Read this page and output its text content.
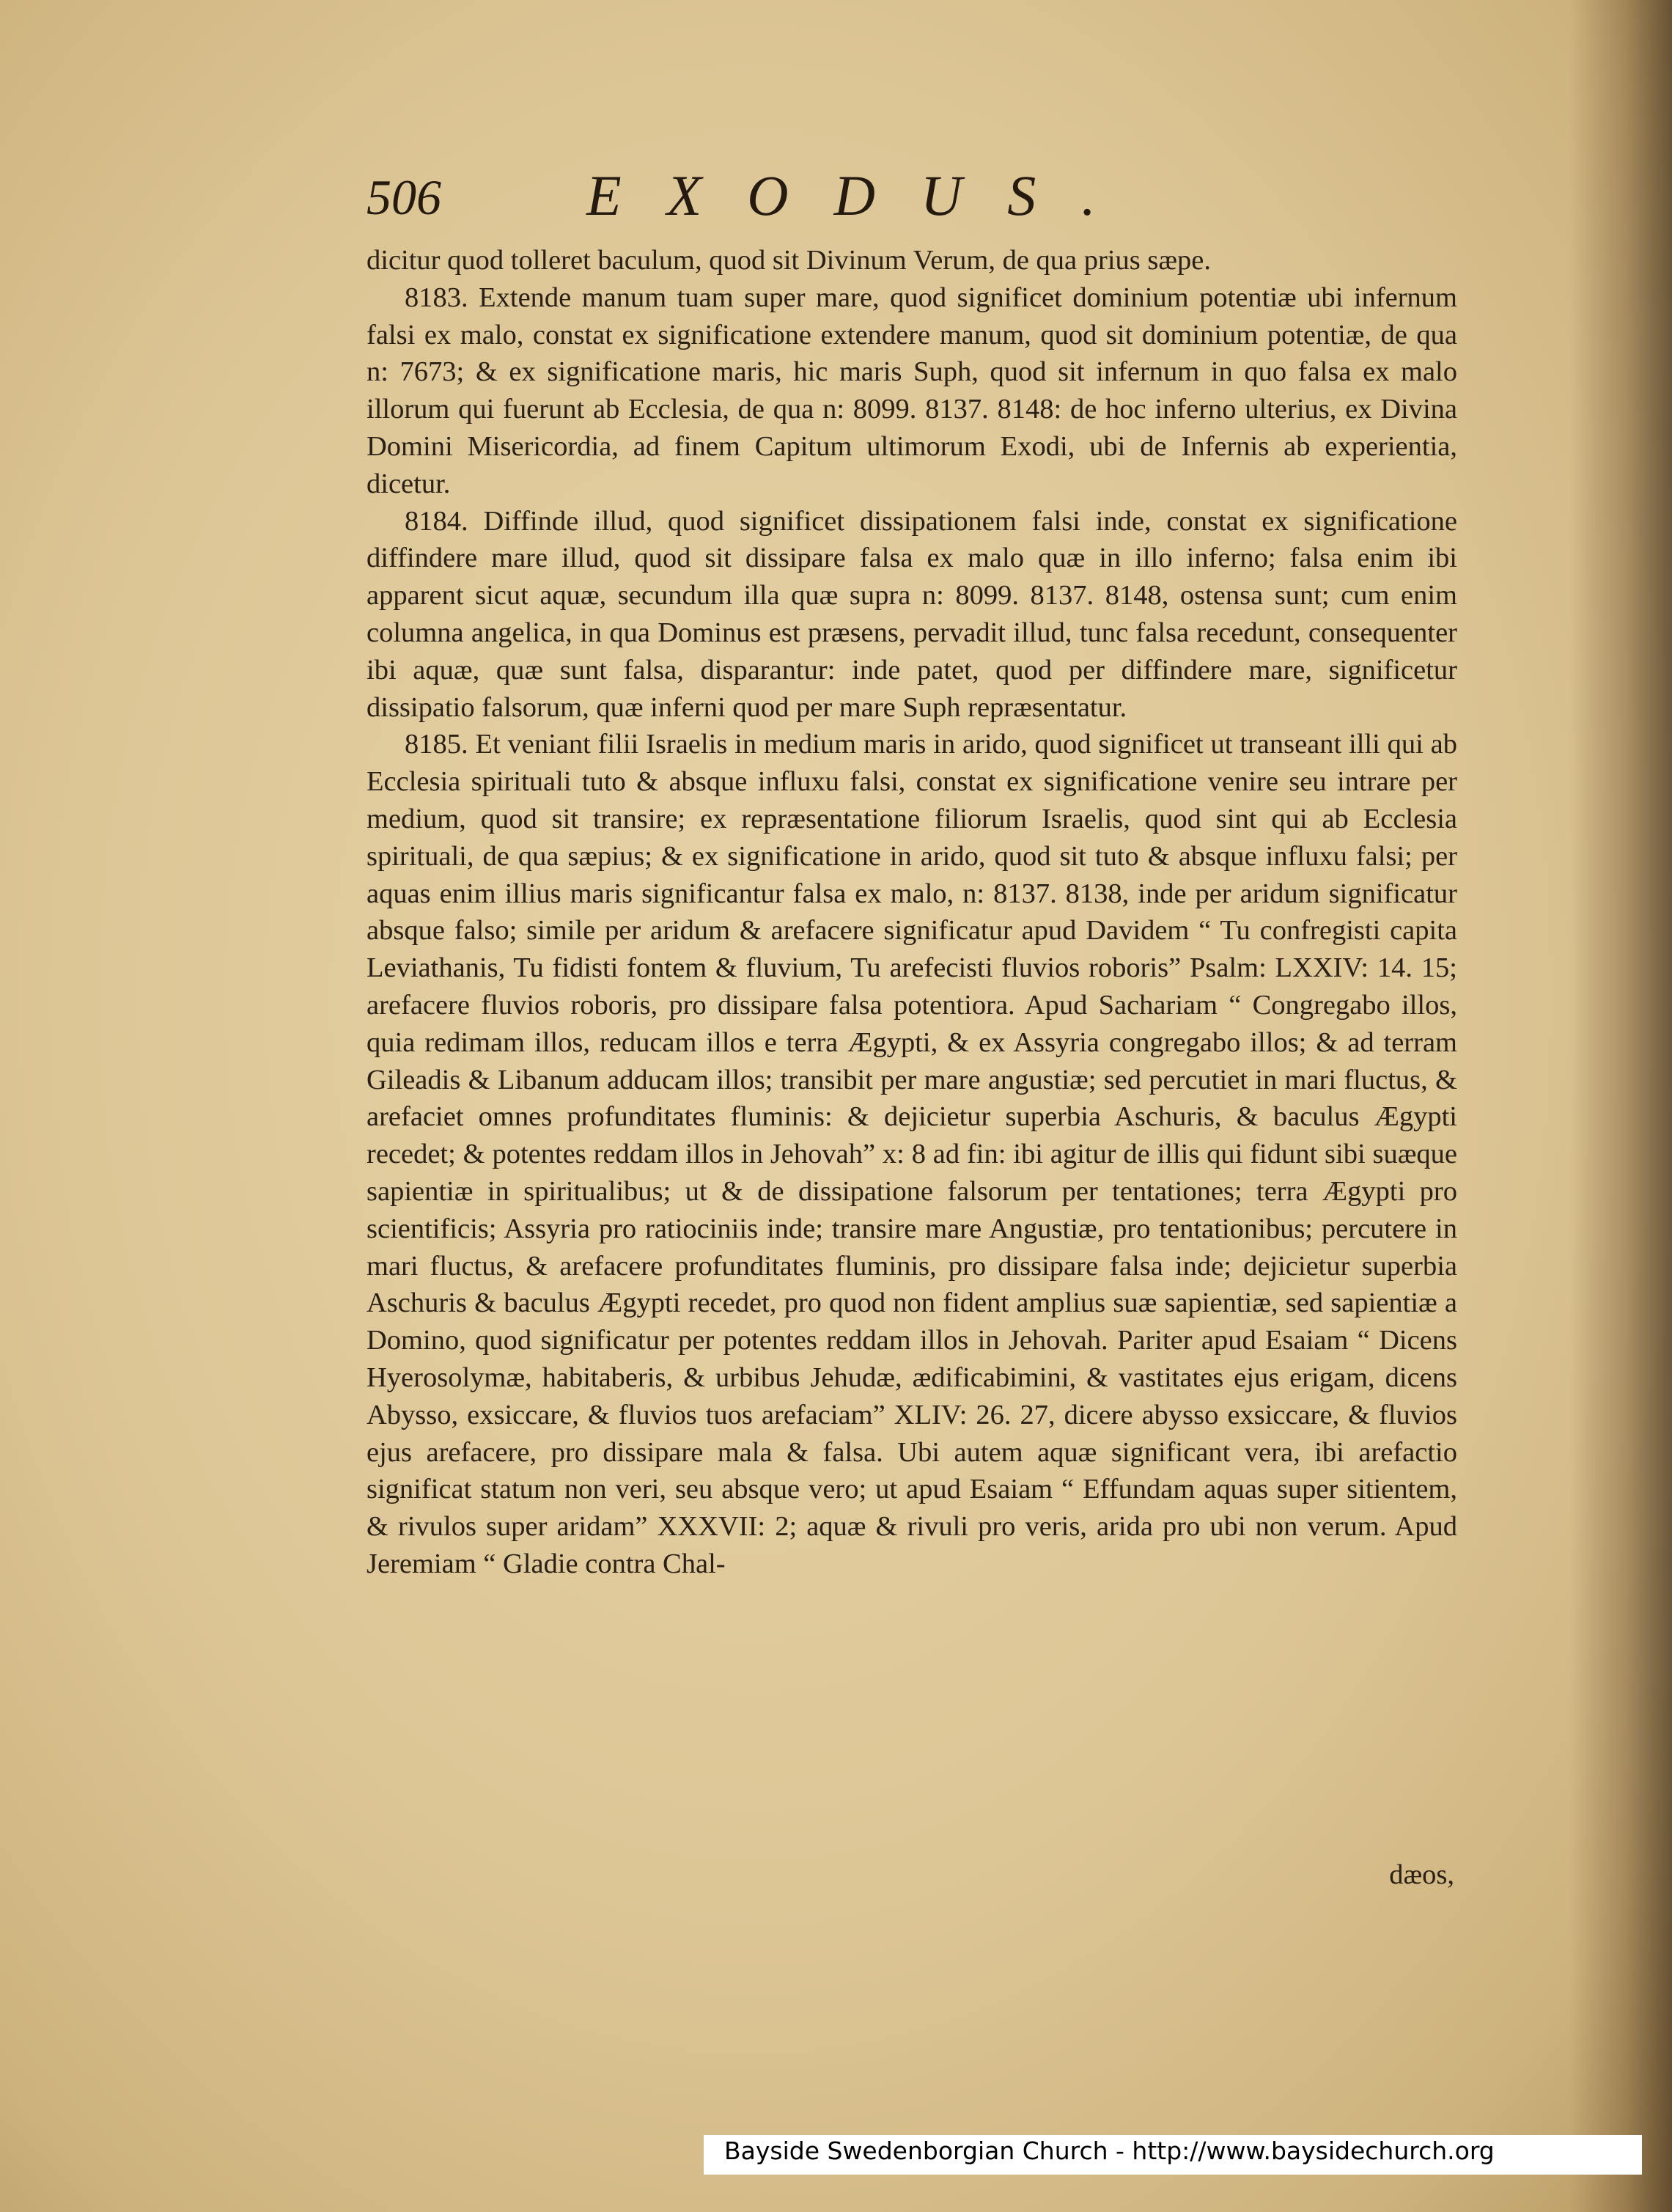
506	EXODUS.

dicitur quod tolleret baculum, quod sit Divinum Verum, de qua prius sæpe.

8183. Extende manum tuam super mare, quod significet dominium potentiæ ubi infernum falsi ex malo, constat ex significatione extendere manum, quod sit dominium potentiæ, de qua n: 7673; & ex significatione maris, hic maris Suph, quod sit infernum in quo falsa ex malo illorum qui fuerunt ab Ecclesia, de qua n: 8099. 8137. 8148: de hoc inferno ulterius, ex Divina Domini Misericordia, ad finem Capitum ultimorum Exodi, ubi de Infernis ab experientia, dicetur.

8184. Diffinde illud, quod significet dissipationem falsi inde, constat ex significatione diffindere mare illud, quod sit dissipare falsa ex malo quæ in illo inferno; falsa enim ibi apparent sicut aquæ, secundum illa quæ supra n: 8099. 8137. 8148, ostensa sunt; cum enim columna angelica, in qua Dominus est præsens, pervadit illud, tunc falsa recedunt, consequenter ibi aquæ, quæ sunt falsa, disparantur: inde patet, quod per diffindere mare, significetur dissipatio falsorum, quæ inferni quod per mare Suph repræsentatur.

8185. Et veniant filii Israelis in medium maris in arido, quod significet ut transeant illi qui ab Ecclesia spirituali tuto & absque influxu falsi, constat ex significatione venire seu intrare per medium, quod sit transire; ex repræsentatione filiorum Israelis, quod sint qui ab Ecclesia spirituali, de qua sæpius; & ex significatione in arido, quod sit tuto & absque influxu falsi; per aquas enim illius maris significantur falsa ex malo, n: 8137. 8138, inde per aridum significatur absque falso; simile per aridum & arefacere significatur apud Davidem “ Tu confregisti capita Leviathanis, Tu fidisti fontem & fluvium, Tu arefecisti fluvios roboris” Psalm: LXXIV: 14. 15; arefacere fluvios roboris, pro dissipare falsa potentiora. Apud Sachariam “ Congregabo illos, quia redimam illos, reducam illos e terra Ægypti, & ex Assyria congregabo illos; & ad terram Gileadis & Libanum adducam illos; transibit per mare angustiæ; sed percutiet in mari fluctus, & arefaciet omnes profunditates fluminis: & dejicietur superbia Aschuris, & baculus Ægypti recedet; & potentes reddam illos in Jehovah” x: 8 ad fin: ibi agitur de illis qui fidunt sibi suæque sapientiæ in spiritualibus; ut & de dissipatione falsorum per tentationes; terra Ægypti pro scientificis; Assyria pro ratiociniis inde; transire mare Angustiæ, pro tentationibus; percutere in mari fluctus, & arefacere profunditates fluminis, pro dissipare falsa inde; dejicietur superbia Aschuris & baculus Ægypti recedet, pro quod non fident amplius suæ sapientiæ, sed sapientiæ a Domino, quod significatur per potentes reddam illos in Jehovah. Pariter apud Esaiam “ Dicens Hyerosolymæ, habitaberis, & urbibus Jehudæ, ædificabimini, & vastitates ejus erigam, dicens Abysso, exsiccare, & fluvios tuos arefaciam” XLIV: 26. 27, dicere abysso exsiccare, & fluvios ejus arefacere, pro dissipare mala & falsa. Ubi autem aquæ significant vera, ibi arefactio significat statum non veri, seu absque vero; ut apud Esaiam “ Effundam aquas super sitientem, & rivulos super aridam” XXXVII: 2; aquæ & rivuli pro veris, arida pro ubi non verum. Apud Jeremiam “ Gladie contra Chal-

dæos,
Bayside Swedenborgian Church - http://www.baysidechurch.org
